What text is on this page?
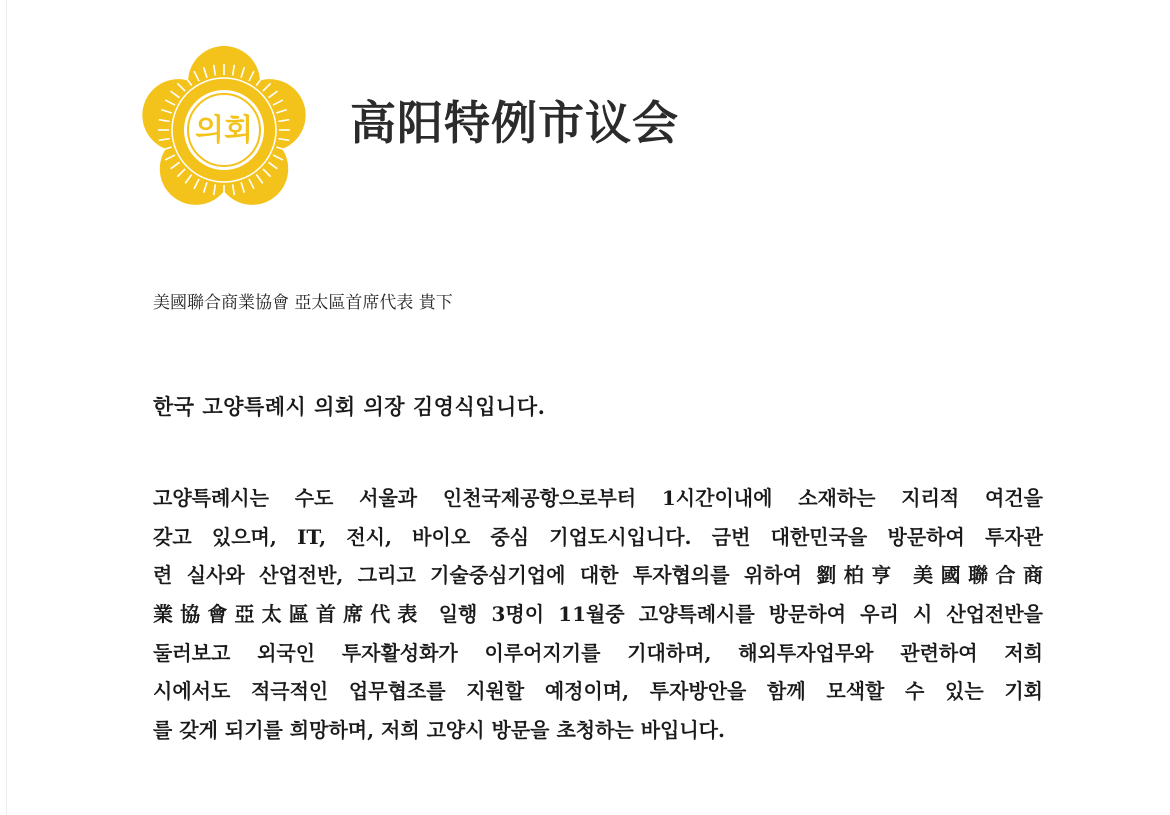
의회 高阳特例市议会
美國聯合商業協會 亞太區首席代表 貴下
한국 고양특례시 의회 의장 김영식입니다.
고양특례시는 수도 서울과 인천국제공항으로부터 1시간이내에 소재하는 지리적 여건을
갖고 있으며, IT, 전시, 바이오 중심 기업도시입니다. 금번 대한민국을 방문하여 투자관
련 실사와 산업전반, 그리고 기술중심기업에 대한 투자협의를 위하여 劉柏亨 美國聯合商
業協會亞太區首席代表 일행 3명이 11월중 고양특례시를 방문하여 우리 시 산업전반을
둘러보고 외국인 투자활성화가 이루어지기를 기대하며, 해외투자업무와 관련하여 저희
시에서도 적극적인 업무협조를 지원할 예정이며, 투자방안을 함께 모색할 수 있는 기회
를 갖게 되기를 희망하며, 저희 고양시 방문을 초청하는 바입니다.
